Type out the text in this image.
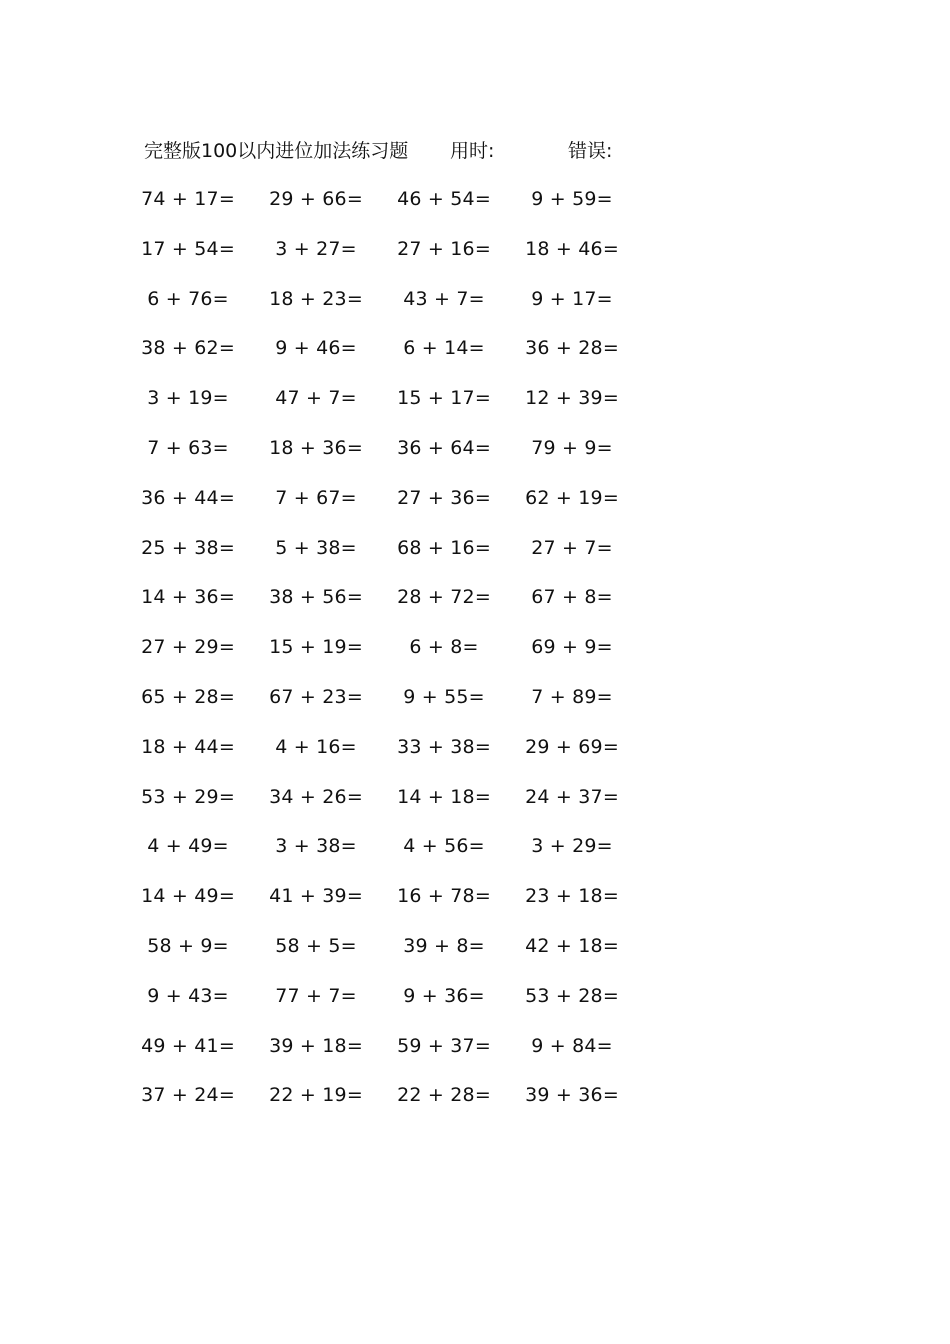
完整版100以内进位加法练习题 用时:	错误:
74 + 17=	29 + 66=	46 + 54=	9 + 59=
17 + 54=	3 + 27=	27 + 16=	18 + 46=
6 + 76=	18 + 23=	43 + 7=	9 + 17=
38 + 62=	9 + 46=	6 + 14=	36 + 28=
3 + 19=	47 + 7=	15 + 17=	12 + 39=
7 + 63=	18 + 36=	36 + 64=	79 + 9=
36 + 44=	7 + 67=	27 + 36=	62 + 19=
25 + 38=	5 + 38=	68 + 16=	27 + 7=
14 + 36=	38 + 56=	28 + 72=	67 + 8=
27 + 29=	15 + 19=	6 + 8=	69 + 9=
65 + 28=	67 + 23=	9 + 55=	7 + 89=
18 + 44=	4 + 16=	33 + 38=	29 + 69=
53 + 29=	34 + 26=	14 + 18=	24 + 37=
4 + 49=	3 + 38=	4 + 56=	3 + 29=
14 + 49=	41 + 39=	16 + 78=	23 + 18=
58 + 9=	58 + 5=	39 + 8=	42 + 18=
9 + 43=	77 + 7=	9 + 36=	53 + 28=
49 + 41=	39 + 18=	59 + 37=	9 + 84=
37 + 24=	22 + 19=	22 + 28=	39 + 36=
